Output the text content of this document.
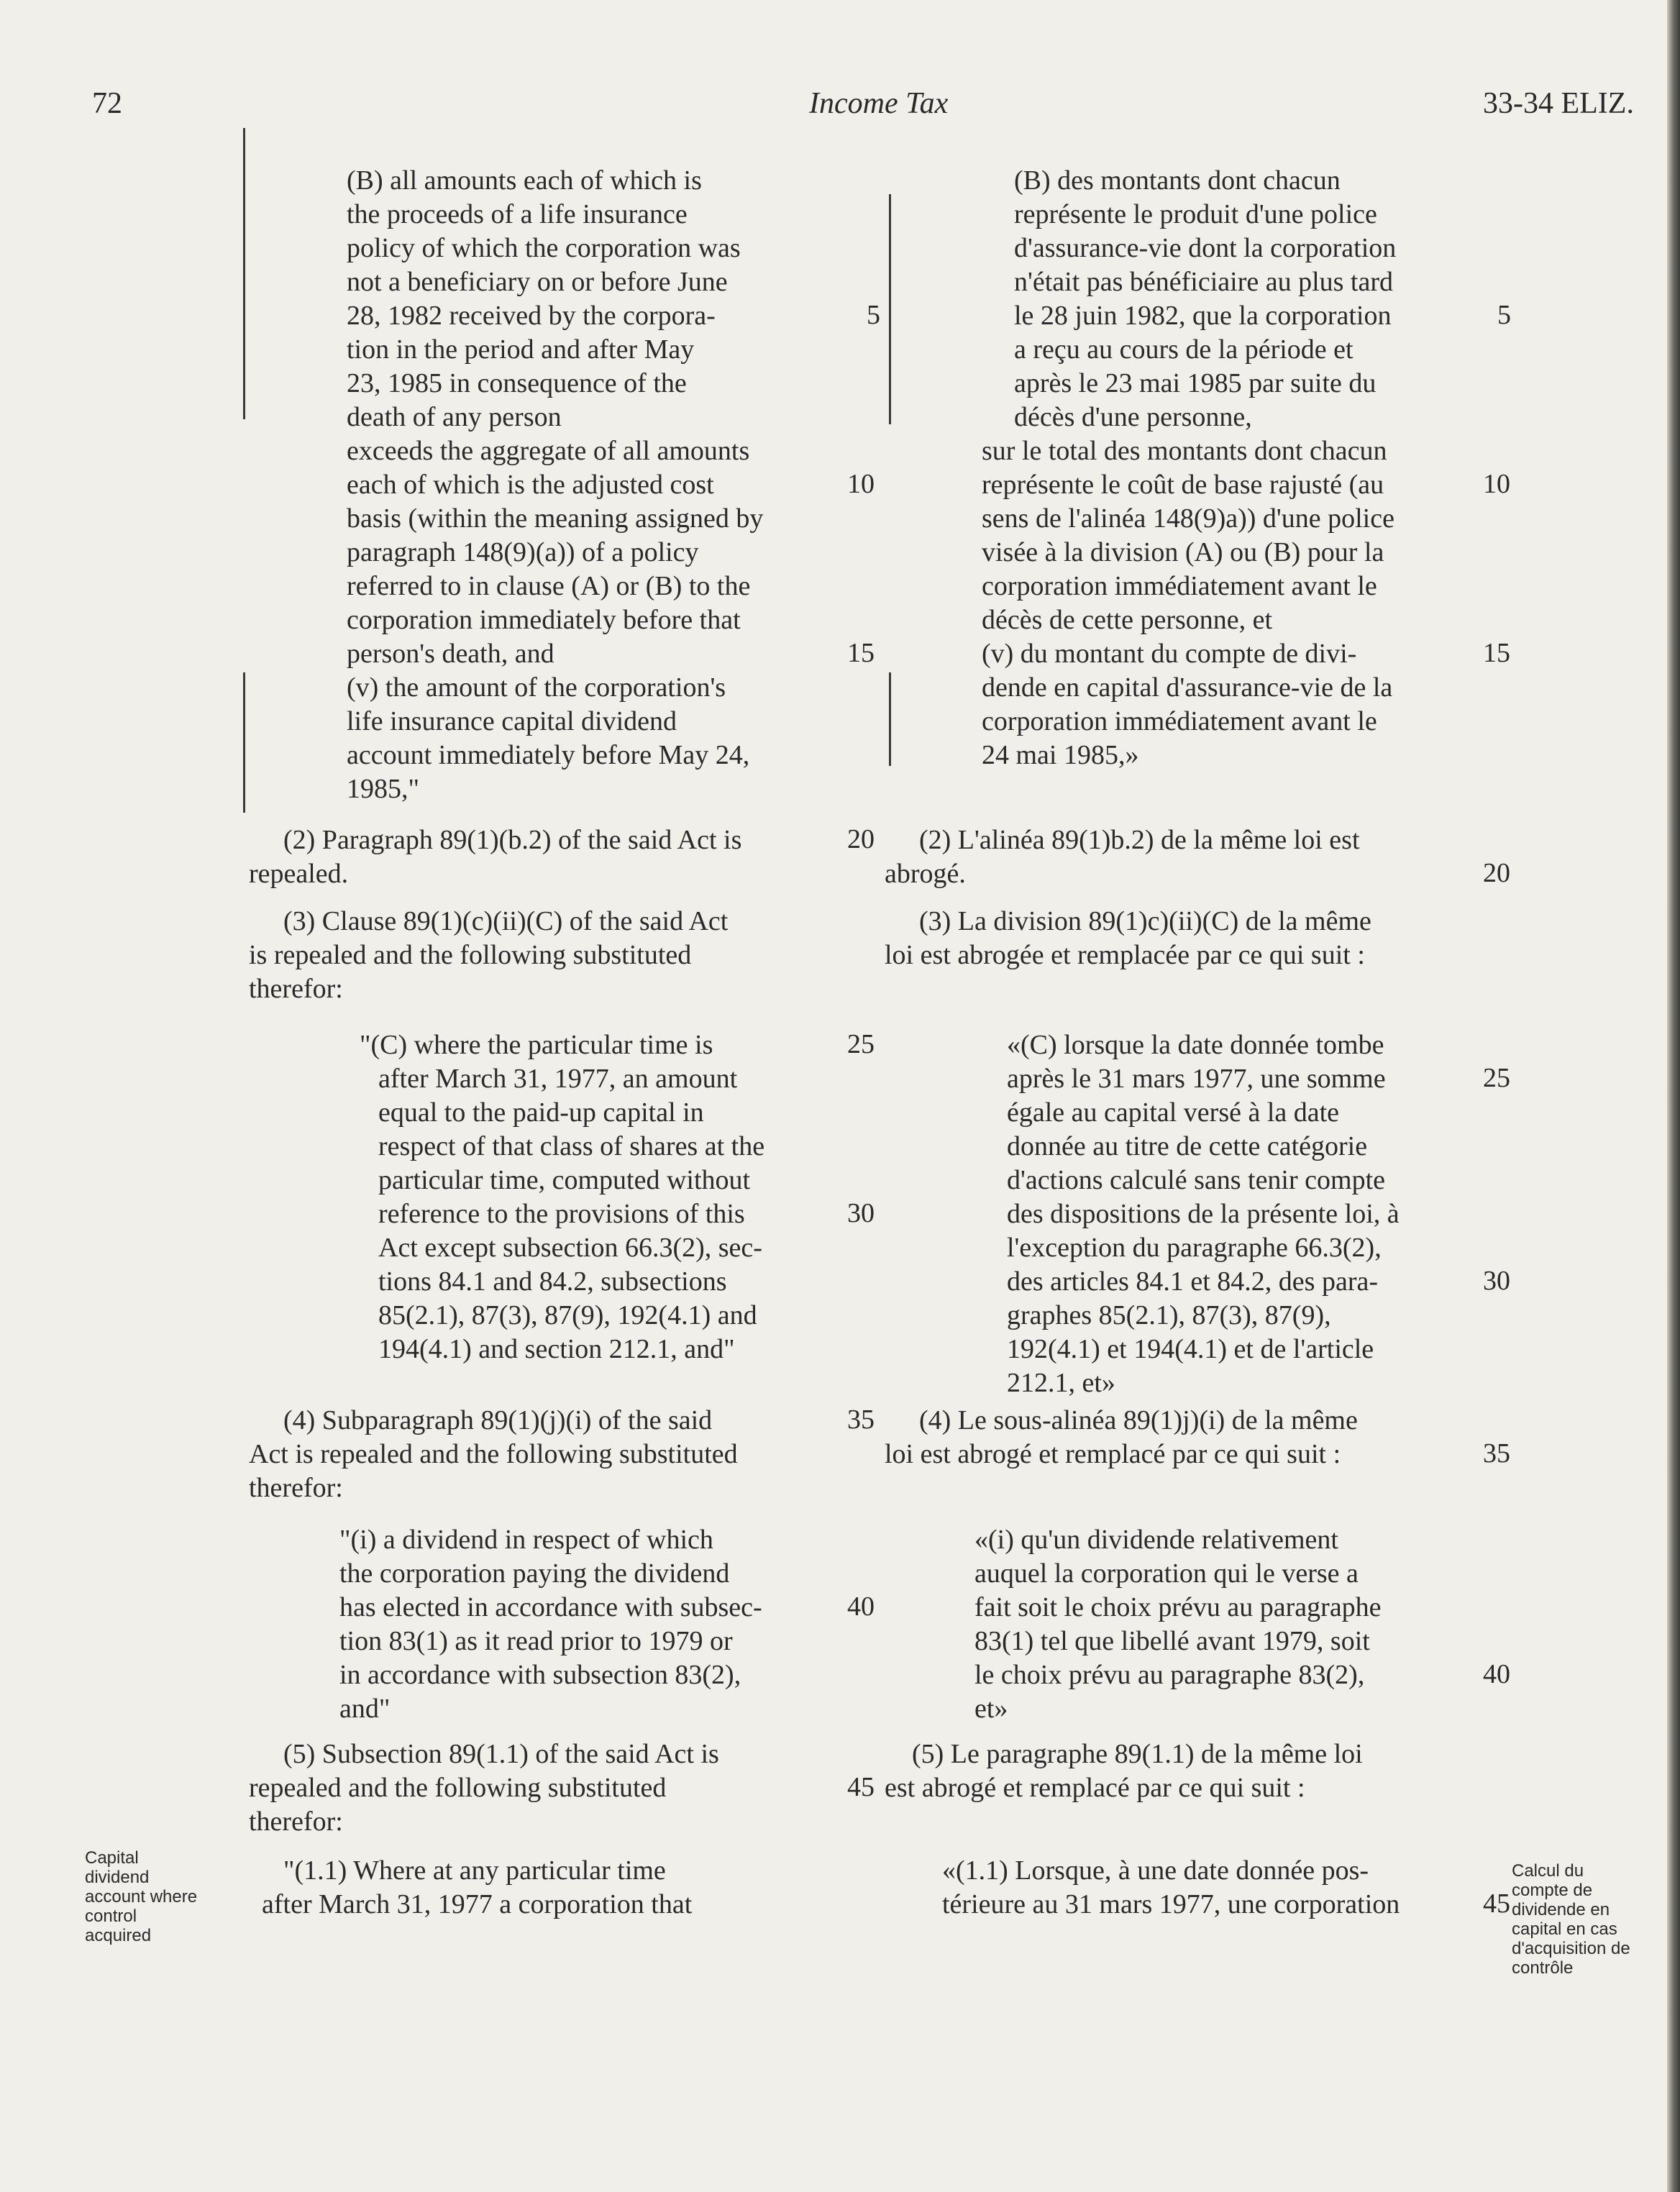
72	Income Tax	33-34 ELIZ.
(B) all amounts each of which is
the proceeds of a life insurance
policy of which the corporation was
not a beneficiary on or before June
28, 1982 received by the corpora-
tion in the period and after May
23, 1985 in consequence of the
death of any person
exceeds the aggregate of all amounts
each of which is the adjusted cost
basis (within the meaning assigned by
paragraph 148(9)(a)) of a policy
referred to in clause (A) or (B) to the
corporation immediately before that
person's death, and
(v) the amount of the corporation's
life insurance capital dividend
account immediately before May 24,
1985,"
(2) Paragraph 89(1)(b.2) of the said Act is
repealed.
(3) Clause 89(1)(c)(ii)(C) of the said Act
is repealed and the following substituted
therefor:
"(C) where the particular time is
after March 31, 1977, an amount
equal to the paid-up capital in
respect of that class of shares at the
particular time, computed without
reference to the provisions of this
Act except subsection 66.3(2), sec-
tions 84.1 and 84.2, subsections
85(2.1), 87(3), 87(9), 192(4.1) and
194(4.1) and section 212.1, and"
(4) Subparagraph 89(1)(j)(i) of the said
Act is repealed and the following substituted
therefor:
"(i) a dividend in respect of which
the corporation paying the dividend
has elected in accordance with subsec-
tion 83(1) as it read prior to 1979 or
in accordance with subsection 83(2),
and"
(5) Subsection 89(1.1) of the said Act is
repealed and the following substituted
therefor:
"(1.1) Where at any particular time
after March 31, 1977 a corporation that
5
10
15
20
25
30
35
40
45
(B) des montants dont chacun
représente le produit d'une police
d'assurance-vie dont la corporation
n'était pas bénéficiaire au plus tard
le 28 juin 1982, que la corporation
a reçu au cours de la période et
après le 23 mai 1985 par suite du
décès d'une personne,
sur le total des montants dont chacun
représente le coût de base rajusté (au
sens de l'alinéa 148(9)a)) d'une police
visée à la division (A) ou (B) pour la
corporation immédiatement avant le
décès de cette personne, et
(v) du montant du compte de divi-
dende en capital d'assurance-vie de la
corporation immédiatement avant le
24 mai 1985,»
(2) L'alinéa 89(1)b.2) de la même loi est
abrogé.
(3) La division 89(1)c)(ii)(C) de la même
loi est abrogée et remplacée par ce qui suit :
«(C) lorsque la date donnée tombe
après le 31 mars 1977, une somme
égale au capital versé à la date
donnée au titre de cette catégorie
d'actions calculé sans tenir compte
des dispositions de la présente loi, à
l'exception du paragraphe 66.3(2),
des articles 84.1 et 84.2, des para-
graphes 85(2.1), 87(3), 87(9),
192(4.1) et 194(4.1) et de l'article
212.1, et»
(4) Le sous-alinéa 89(1)j)(i) de la même
loi est abrogé et remplacé par ce qui suit :
«(i) qu'un dividende relativement
auquel la corporation qui le verse a
fait soit le choix prévu au paragraphe
83(1) tel que libellé avant 1979, soit
le choix prévu au paragraphe 83(2),
et»
(5) Le paragraphe 89(1.1) de la même loi
est abrogé et remplacé par ce qui suit :
«(1.1) Lorsque, à une date donnée pos-
térieure au 31 mars 1977, une corporation
5
10
15
20
25
30
35
40
45
Capital
dividend
account where
control
acquired
Calcul du
compte de
dividende en
capital en cas
d'acquisition de
contrôle
